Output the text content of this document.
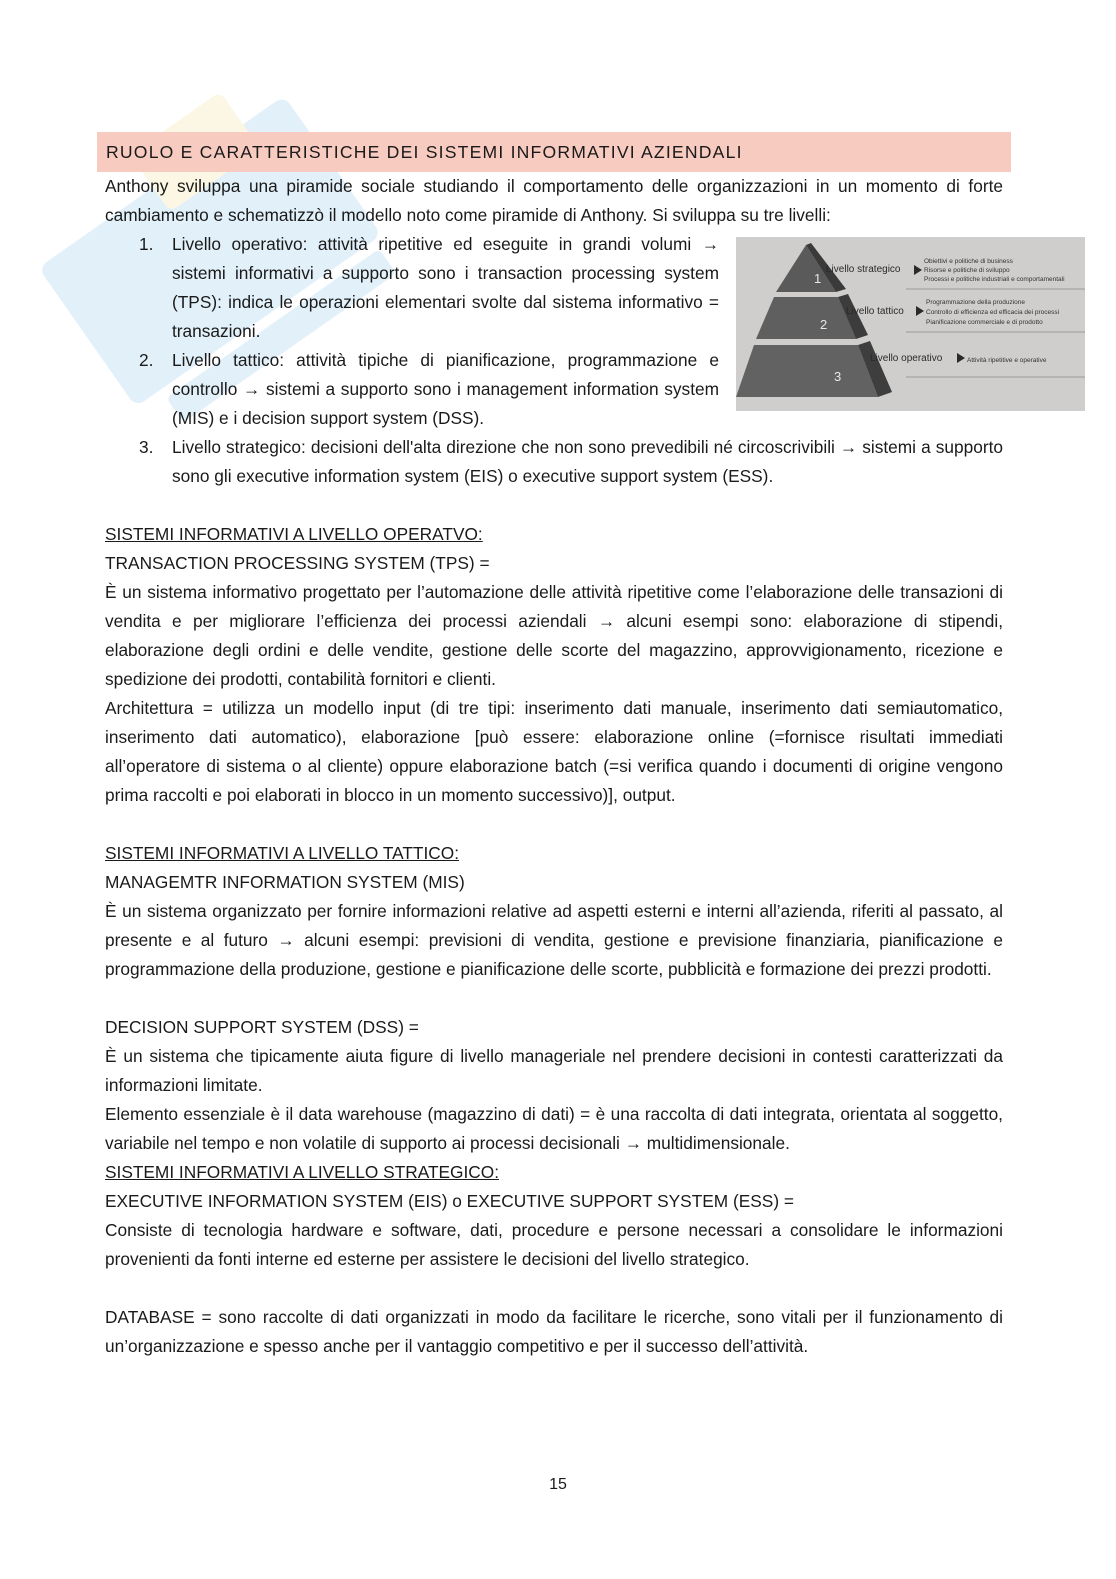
RUOLO E CARATTERISTICHE DEI SISTEMI INFORMATIVI AZIENDALI
1
2
3
Livello strategico
Obiettivi e politiche di business
Risorse e politiche di sviluppo
Processi e politiche industriali e comportamentali
Livello tattico
Programmazione della produzione
Controllo di efficienza ed efficacia dei processi
Pianificazione commerciale e di prodotto
Livello operativo	Attività ripetitive e operative

Anthony sviluppa una piramide sociale studiando il comportamento delle organizzazioni in un momento di forte cambiamento e schematizzò il modello noto come piramide di Anthony. Si sviluppa su tre livelli:

1. Livello operativo: attività ripetitive ed eseguite in grandi volumi → sistemi informativi a supporto sono i transaction processing system (TPS): indica le operazioni elementari svolte dal sistema informativo = transazioni.
2. Livello tattico: attività tipiche di pianificazione, programmazione e controllo → sistemi a supporto sono i management information system (MIS) e i decision support system (DSS).
3. Livello strategico: decisioni dell'alta direzione che non sono prevedibili né circoscrivibili → sistemi a supporto sono gli executive information system (EIS) o executive support system (ESS).

SISTEMI INFORMATIVI A LIVELLO OPERATVO:

TRANSACTION PROCESSING SYSTEM (TPS) =

È un sistema informativo progettato per l’automazione delle attività ripetitive come l’elaborazione delle transazioni di vendita e per migliorare l’efficienza dei processi aziendali → alcuni esempi sono: elaborazione di stipendi, elaborazione degli ordini e delle vendite, gestione delle scorte del magazzino, approvvigionamento, ricezione e spedizione dei prodotti, contabilità fornitori e clienti.

Architettura = utilizza un modello input (di tre tipi: inserimento dati manuale, inserimento dati semiautomatico, inserimento dati automatico), elaborazione [può essere: elaborazione online (=fornisce risultati immediati all’operatore di sistema o al cliente) oppure elaborazione batch (=si verifica quando i documenti di origine vengono prima raccolti e poi elaborati in blocco in un momento successivo)], output.

SISTEMI INFORMATIVI A LIVELLO TATTICO:

MANAGEMTR INFORMATION SYSTEM (MIS)

È un sistema organizzato per fornire informazioni relative ad aspetti esterni e interni all’azienda, riferiti al passato, al presente e al futuro → alcuni esempi: previsioni di vendita, gestione e previsione finanziaria, pianificazione e programmazione della produzione, gestione e pianificazione delle scorte, pubblicità e formazione dei prezzi prodotti.

DECISION SUPPORT SYSTEM (DSS) =

È un sistema che tipicamente aiuta figure di livello manageriale nel prendere decisioni in contesti caratterizzati da informazioni limitate.

Elemento essenziale è il data warehouse (magazzino di dati) = è una raccolta di dati integrata, orientata al soggetto, variabile nel tempo e non volatile di supporto ai processi decisionali → multidimensionale.

SISTEMI INFORMATIVI A LIVELLO STRATEGICO:

EXECUTIVE INFORMATION SYSTEM (EIS) o EXECUTIVE SUPPORT SYSTEM (ESS) =

Consiste di tecnologia hardware e software, dati, procedure e persone necessari a consolidare le informazioni provenienti da fonti interne ed esterne per assistere le decisioni del livello strategico.

DATABASE = sono raccolte di dati organizzati in modo da facilitare le ricerche, sono vitali per il funzionamento di un’organizzazione e spesso anche per il vantaggio competitivo e per il successo dell’attività.

15
